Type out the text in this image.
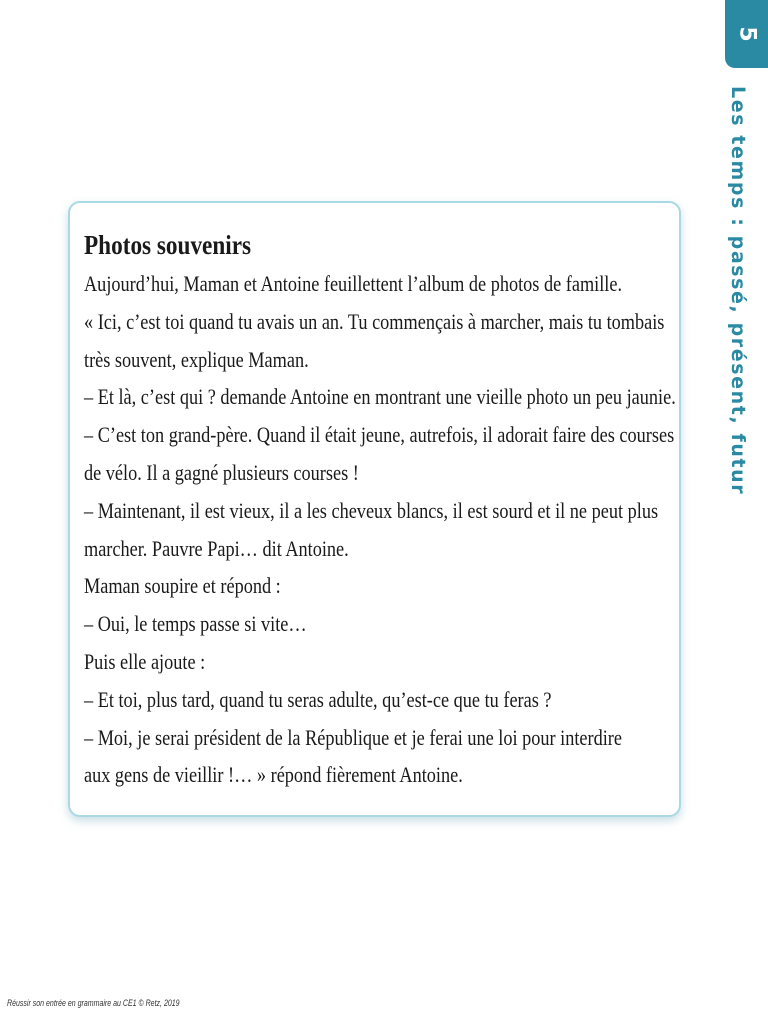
5
Les temps : passé, présent, futur
Photos souvenirs
Aujourd’hui, Maman et Antoine feuillettent l’album de photos de famille.
« Ici, c’est toi quand tu avais un an. Tu commençais à marcher, mais tu tombais
très souvent, explique Maman.
– Et là, c’est qui ? demande Antoine en montrant une vieille photo un peu jaunie.
– C’est ton grand-père. Quand il était jeune, autrefois, il adorait faire des courses
de vélo. Il a gagné plusieurs courses !
– Maintenant, il est vieux, il a les cheveux blancs, il est sourd et il ne peut plus
marcher. Pauvre Papi… dit Antoine.
Maman soupire et répond :
– Oui, le temps passe si vite…
Puis elle ajoute :
– Et toi, plus tard, quand tu seras adulte, qu’est-ce que tu feras ?
– Moi, je serai président de la République et je ferai une loi pour interdire
aux gens de vieillir !… » répond fièrement Antoine.
Réussir son entrée en grammaire au CE1 © Retz, 2019
